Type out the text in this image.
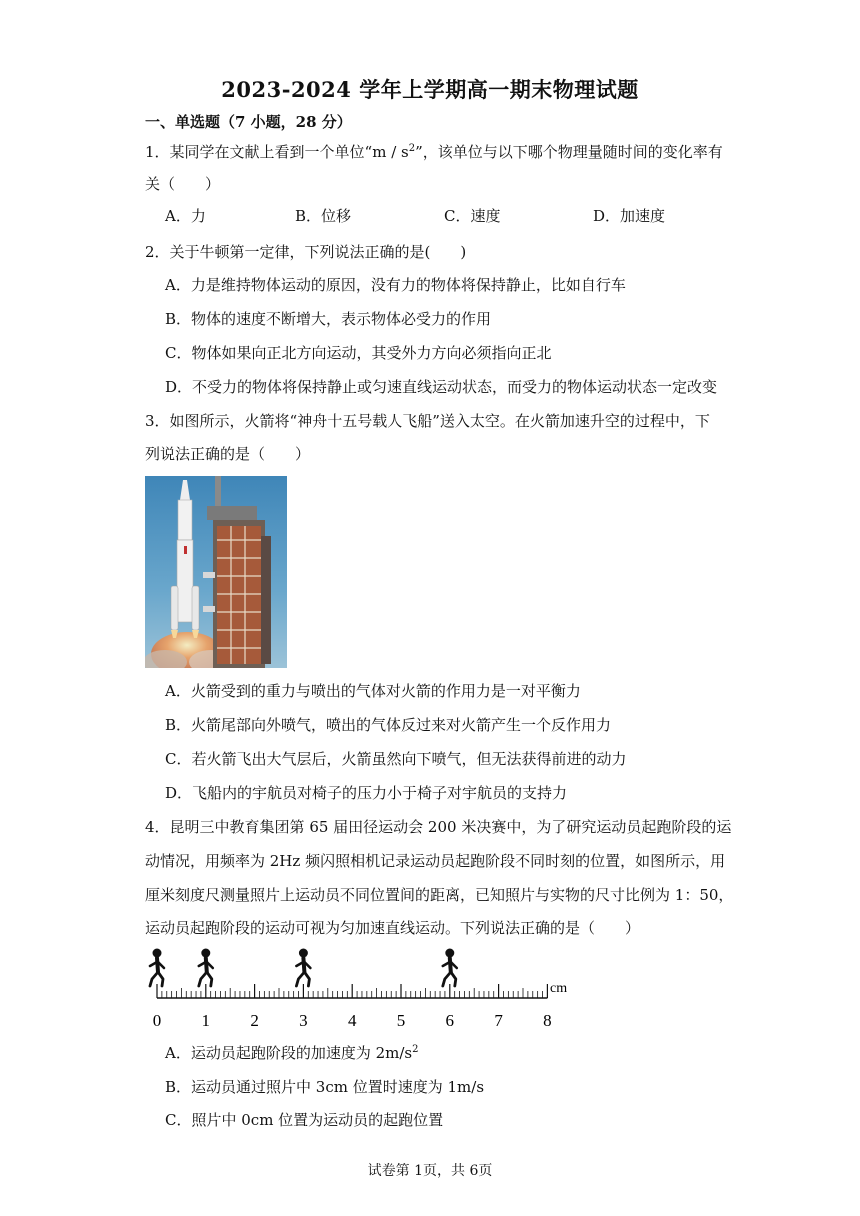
2023-2024 学年上学期高一期末物理试题
一、单选题（7 小题，28 分）
1．某同学在文献上看到一个单位“m / $s^2$”，该单位与以下哪个物理量随时间的变化率有
关（　　）
A．力	B．位移	C．速度	D．加速度
2．关于牛顿第一定律，下列说法正确的是(　　)
A．力是维持物体运动的原因，没有力的物体将保持静止，比如自行车
B．物体的速度不断增大，表示物体必受力的作用
C．物体如果向正北方向运动，其受外力方向必须指向正北
D．不受力的物体将保持静止或匀速直线运动状态，而受力的物体运动状态一定改变
3．如图所示，火箭将“神舟十五号载人飞船”送入太空。在火箭加速升空的过程中，下
列说法正确的是（　　）
A．火箭受到的重力与喷出的气体对火箭的作用力是一对平衡力
B．火箭尾部向外喷气，喷出的气体反过来对火箭产生一个反作用力
C．若火箭飞出大气层后，火箭虽然向下喷气，但无法获得前进的动力
D．飞船内的宇航员对椅子的压力小于椅子对宇航员的支持力
4．昆明三中教育集团第 65 届田径运动会 200 米决赛中，为了研究运动员起跑阶段的运
动情况，用频率为 2Hz 频闪照相机记录运动员起跑阶段不同时刻的位置，如图所示，用
厘米刻度尺测量照片上运动员不同位置间的距离，已知照片与实物的尺寸比例为 1：50，
运动员起跑阶段的运动可视为匀加速直线运动。下列说法正确的是（　　）
0 1 2 3 4 5 6 7 8
cm
A．运动员起跑阶段的加速度为 $2m/s^2$
B．运动员通过照片中 3cm 位置时速度为 1m/s
C．照片中 0cm 位置为运动员的起跑位置
试卷第 1页，共 6页
